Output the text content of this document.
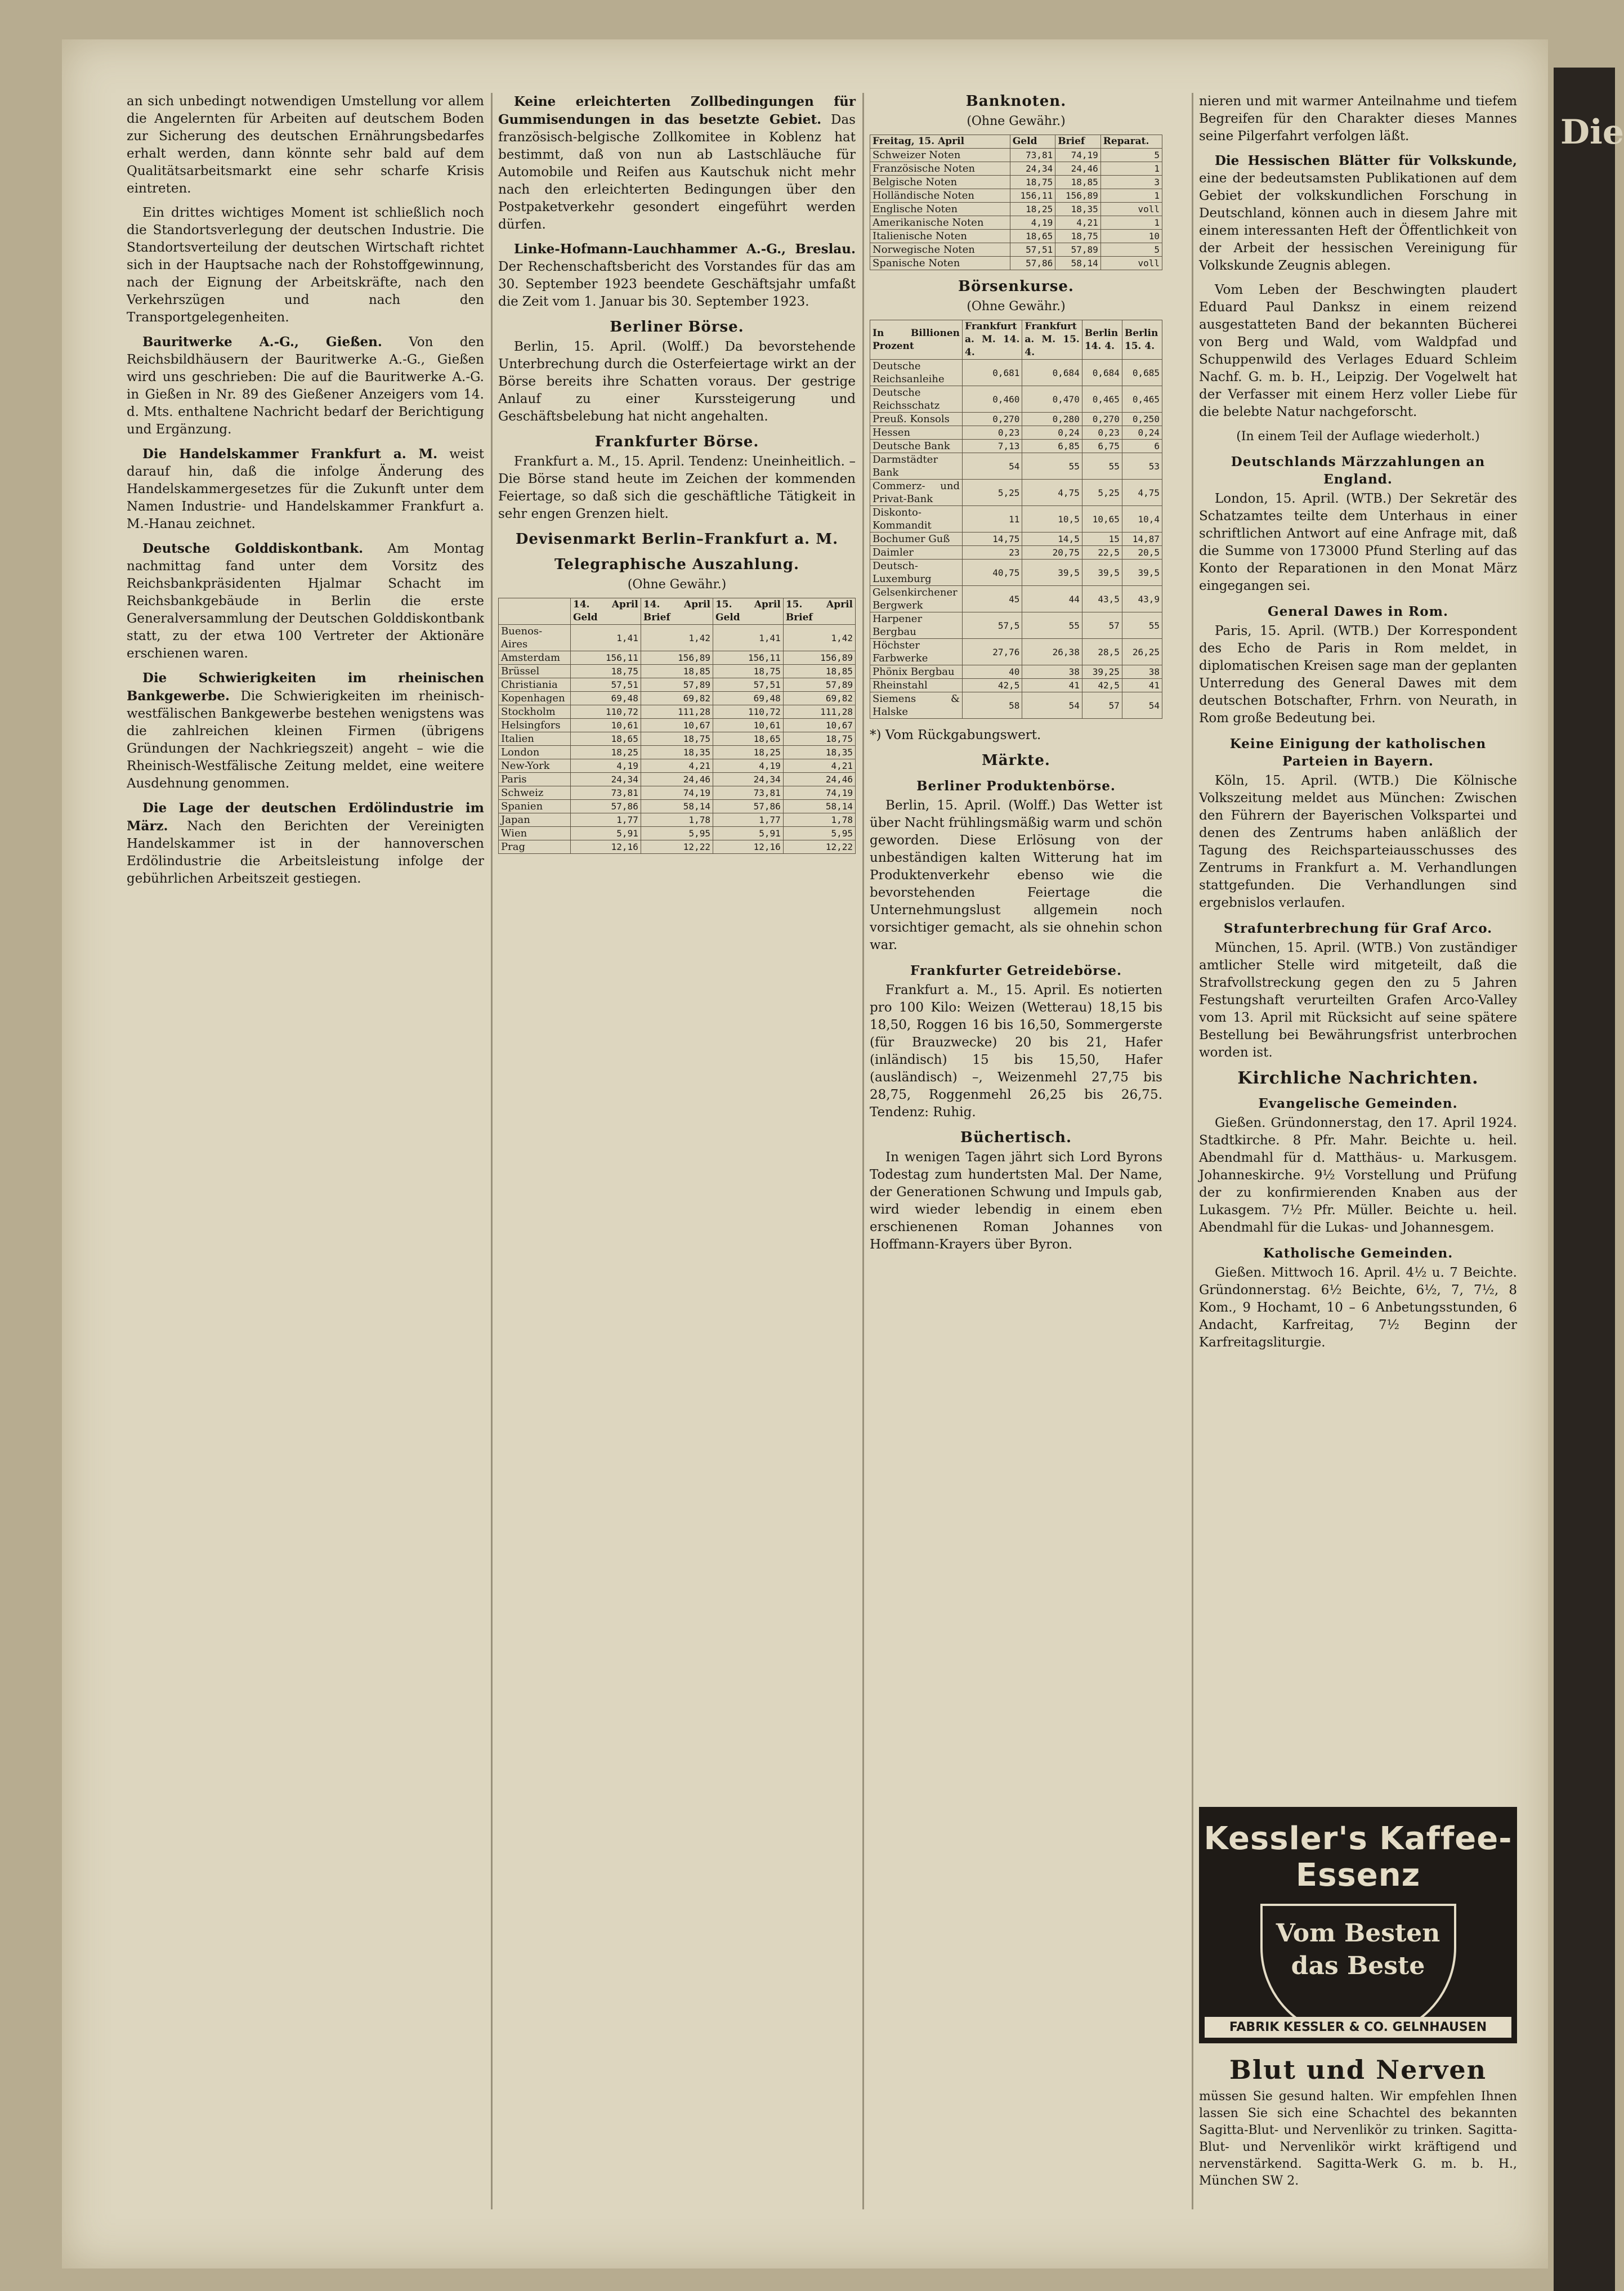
an sich unbedingt notwendigen Umstellung vor allem die Angelernten für Arbeiten auf deutschem Boden zur Sicherung des deutschen Ernährungsbedarfes erhalt werden, dann könnte sehr bald auf dem Qualitätsarbeitsmarkt eine sehr scharfe Krisis eintreten.

Ein drittes wichtiges Moment ist schließlich noch die Standortsverlegung der deutschen Industrie. Die Standortsverteilung der deutschen Wirtschaft richtet sich in der Hauptsache nach der Rohstoffgewinnung, nach der Eignung der Arbeitskräfte, nach den Verkehrszügen und nach den Transportgelegenheiten.

Bauritwerke A.-G., Gießen. Von den Reichsbildhäusern der Bauritwerke A.-G., Gießen wird uns geschrieben: Die auf die Bauritwerke A.-G. in Gießen in Nr. 89 des Gießener Anzeigers vom 14. d. Mts. enthaltene Nachricht bedarf der Berichtigung und Ergänzung.

Die Handelskammer Frankfurt a. M. weist darauf hin, daß die infolge Änderung des Handelskammergesetzes für die Zukunft unter dem Namen Industrie- und Handelskammer Frankfurt a. M.-Hanau zeichnet.

Deutsche Golddiskontbank. Am Montag nachmittag fand unter dem Vorsitz des Reichsbankpräsidenten Hjalmar Schacht im Reichsbankgebäude in Berlin die erste Generalversammlung der Deutschen Golddiskontbank statt, zu der etwa 100 Vertreter der Aktionäre erschienen waren.

Die Schwierigkeiten im rheinischen Bankgewerbe. Die Schwierigkeiten im rheinisch-westfälischen Bankgewerbe bestehen wenigstens was die zahlreichen kleinen Firmen (übrigens Gründungen der Nachkriegszeit) angeht – wie die Rheinisch-Westfälische Zeitung meldet, eine weitere Ausdehnung genommen.

Die Lage der deutschen Erdölindustrie im März. Nach den Berichten der Vereinigten Handelskammer ist in der hannoverschen Erdölindustrie die Arbeitsleistung infolge der gebührlichen Arbeitszeit gestiegen.

Keine erleichterten Zollbedingungen für Gummisendungen in das besetzte Gebiet. Das französisch-belgische Zollkomitee in Koblenz hat bestimmt, daß von nun ab Lastschläuche für Automobile und Reifen aus Kautschuk nicht mehr nach den erleichterten Bedingungen über den Postpaketverkehr gesondert eingeführt werden dürfen.

Linke-Hofmann-Lauchhammer A.-G., Breslau. Der Rechenschaftsbericht des Vorstandes für das am 30. September 1923 beendete Geschäftsjahr umfaßt die Zeit vom 1. Januar bis 30. September 1923.

Berliner Börse.

Berlin, 15. April. (Wolff.) Da bevorstehende Unterbrechung durch die Osterfeiertage wirkt an der Börse bereits ihre Schatten voraus. Der gestrige Anlauf zu einer Kurssteigerung und Geschäftsbelebung hat nicht angehalten.

Frankfurter Börse.

Frankfurt a. M., 15. April. Tendenz: Uneinheitlich. – Die Börse stand heute im Zeichen der kommenden Feiertage, so daß sich die geschäftliche Tätigkeit in sehr engen Grenzen hielt.

Devisenmarkt Berlin–Frankfurt a. M.
Telegraphische Auszahlung.
(Ohne Gewähr.)
	14. April Geld	14. April Brief	15. April Geld	15. April Brief
Buenos-Aires	1,41	1,42	1,41	1,42
Amsterdam	156,11	156,89	156,11	156,89
Brüssel	18,75	18,85	18,75	18,85
Christiania	57,51	57,89	57,51	57,89
Kopenhagen	69,48	69,82	69,48	69,82
Stockholm	110,72	111,28	110,72	111,28
Helsingfors	10,61	10,67	10,61	10,67
Italien	18,65	18,75	18,65	18,75
London	18,25	18,35	18,25	18,35
New-York	4,19	4,21	4,19	4,21
Paris	24,34	24,46	24,34	24,46
Schweiz	73,81	74,19	73,81	74,19
Spanien	57,86	58,14	57,86	58,14
Japan	1,77	1,78	1,77	1,78
Wien	5,91	5,95	5,91	5,95
Prag	12,16	12,22	12,16	12,22
Banknoten.
(Ohne Gewähr.)
Freitag, 15. April	Geld	Brief	Reparat.
Schweizer Noten	73,81	74,19	5
Französische Noten	24,34	24,46	1
Belgische Noten	18,75	18,85	3
Holländische Noten	156,11	156,89	1
Englische Noten	18,25	18,35	voll
Amerikanische Noten	4,19	4,21	1
Italienische Noten	18,65	18,75	10
Norwegische Noten	57,51	57,89	5
Spanische Noten	57,86	58,14	voll
Börsenkurse.
(Ohne Gewähr.)
In Billionen Prozent	Frankfurt a. M. 14. 4.	Frankfurt a. M. 15. 4.	Berlin 14. 4.	Berlin 15. 4.
Deutsche Reichsanleihe	0,681	0,684	0,684	0,685
Deutsche Reichsschatz	0,460	0,470	0,465	0,465
Preuß. Konsols	0,270	0,280	0,270	0,250
Hessen	0,23	0,24	0,23	0,24
Deutsche Bank	7,13	6,85	6,75	6
Darmstädter Bank	54	55	55	53
Commerz- und Privat-Bank	5,25	4,75	5,25	4,75
Diskonto-Kommandit	11	10,5	10,65	10,4
Bochumer Guß	14,75	14,5	15	14,87
Daimler	23	20,75	22,5	20,5
Deutsch-Luxemburg	40,75	39,5	39,5	39,5
Gelsenkirchener Bergwerk	45	44	43,5	43,9
Harpener Bergbau	57,5	55	57	55
Höchster Farbwerke	27,76	26,38	28,5	26,25
Phönix Bergbau	40	38	39,25	38
Rheinstahl	42,5	41	42,5	41
Siemens & Halske	58	54	57	54

*) Vom Rückgabungswert.

Märkte.
Berliner Produktenbörse.

Berlin, 15. April. (Wolff.) Das Wetter ist über Nacht frühlingsmäßig warm und schön geworden. Diese Erlösung von der unbeständigen kalten Witterung hat im Produktenverkehr ebenso wie die bevorstehenden Feiertage die Unternehmungslust allgemein noch vorsichtiger gemacht, als sie ohnehin schon war.

Frankfurter Getreidebörse.

Frankfurt a. M., 15. April. Es notierten pro 100 Kilo: Weizen (Wetterau) 18,15 bis 18,50, Roggen 16 bis 16,50, Sommergerste (für Brauzwecke) 20 bis 21, Hafer (inländisch) 15 bis 15,50, Hafer (ausländisch) –, Weizenmehl 27,75 bis 28,75, Roggenmehl 26,25 bis 26,75. Tendenz: Ruhig.

Büchertisch.

In wenigen Tagen jährt sich Lord Byrons Todestag zum hundertsten Mal. Der Name, der Generationen Schwung und Impuls gab, wird wieder lebendig in einem eben erschienenen Roman Johannes von Hoffmann-Krayers über Byron.

nieren und mit warmer Anteilnahme und tiefem Begreifen für den Charakter dieses Mannes seine Pilgerfahrt verfolgen läßt.

Die Hessischen Blätter für Volkskunde, eine der bedeutsamsten Publikationen auf dem Gebiet der volkskundlichen Forschung in Deutschland, können auch in diesem Jahre mit einem interessanten Heft der Öffentlichkeit von der Arbeit der hessischen Vereinigung für Volkskunde Zeugnis ablegen.

Vom Leben der Beschwingten plaudert Eduard Paul Danksz in einem reizend ausgestatteten Band der bekannten Bücherei von Berg und Wald, vom Waldpfad und Schuppenwild des Verlages Eduard Schleim Nachf. G. m. b. H., Leipzig. Der Vogelwelt hat der Verfasser mit einem Herz voller Liebe für die belebte Natur nachgeforscht.

(In einem Teil der Auflage wiederholt.)
Deutschlands Märzzahlungen an England.

London, 15. April. (WTB.) Der Sekretär des Schatzamtes teilte dem Unterhaus in einer schriftlichen Antwort auf eine Anfrage mit, daß die Summe von 173000 Pfund Sterling auf das Konto der Reparationen in den Monat März eingegangen sei.

General Dawes in Rom.

Paris, 15. April. (WTB.) Der Korrespondent des Echo de Paris in Rom meldet, in diplomatischen Kreisen sage man der geplanten Unterredung des General Dawes mit dem deutschen Botschafter, Frhrn. von Neurath, in Rom große Bedeutung bei.

Keine Einigung der katholischen Parteien in Bayern.

Köln, 15. April. (WTB.) Die Kölnische Volkszeitung meldet aus München: Zwischen den Führern der Bayerischen Volkspartei und denen des Zentrums haben anläßlich der Tagung des Reichsparteiausschusses des Zentrums in Frankfurt a. M. Verhandlungen stattgefunden. Die Verhandlungen sind ergebnislos verlaufen.

Strafunterbrechung für Graf Arco.

München, 15. April. (WTB.) Von zuständiger amtlicher Stelle wird mitgeteilt, daß die Strafvollstreckung gegen den zu 5 Jahren Festungshaft verurteilten Grafen Arco-Valley vom 13. April mit Rücksicht auf seine spätere Bestellung bei Bewährungsfrist unterbrochen worden ist.

Kirchliche Nachrichten.
Evangelische Gemeinden.

Gießen. Gründonnerstag, den 17. April 1924. Stadtkirche. 8 Pfr. Mahr. Beichte u. heil. Abendmahl für d. Matthäus- u. Markusgem. Johanneskirche. 9½ Vorstellung und Prüfung der zu konfirmierenden Knaben aus der Lukasgem. 7½ Pfr. Müller. Beichte u. heil. Abendmahl für die Lukas- und Johannesgem.

Katholische Gemeinden.

Gießen. Mittwoch 16. April. 4½ u. 7 Beichte. Gründonnerstag. 6½ Beichte, 6½, 7, 7½, 8 Kom., 9 Hochamt, 10 – 6 Anbetungsstunden, 6 Andacht, Karfreitag, 7½ Beginn der Karfreitagsliturgie.

Kessler's Kaffee-Essenz
Vom Besten das Beste
FABRIK KESSLER & CO. GELNHAUSEN
Blut und Nerven

müssen Sie gesund halten. Wir empfehlen Ihnen lassen Sie sich eine Schachtel des bekannten Sagitta-Blut- und Nervenlikör zu trinken. Sagitta-Blut- und Nervenlikör wirkt kräftigend und nervenstärkend. Sagitta-Werk G. m. b. H., München SW 2.

Die
